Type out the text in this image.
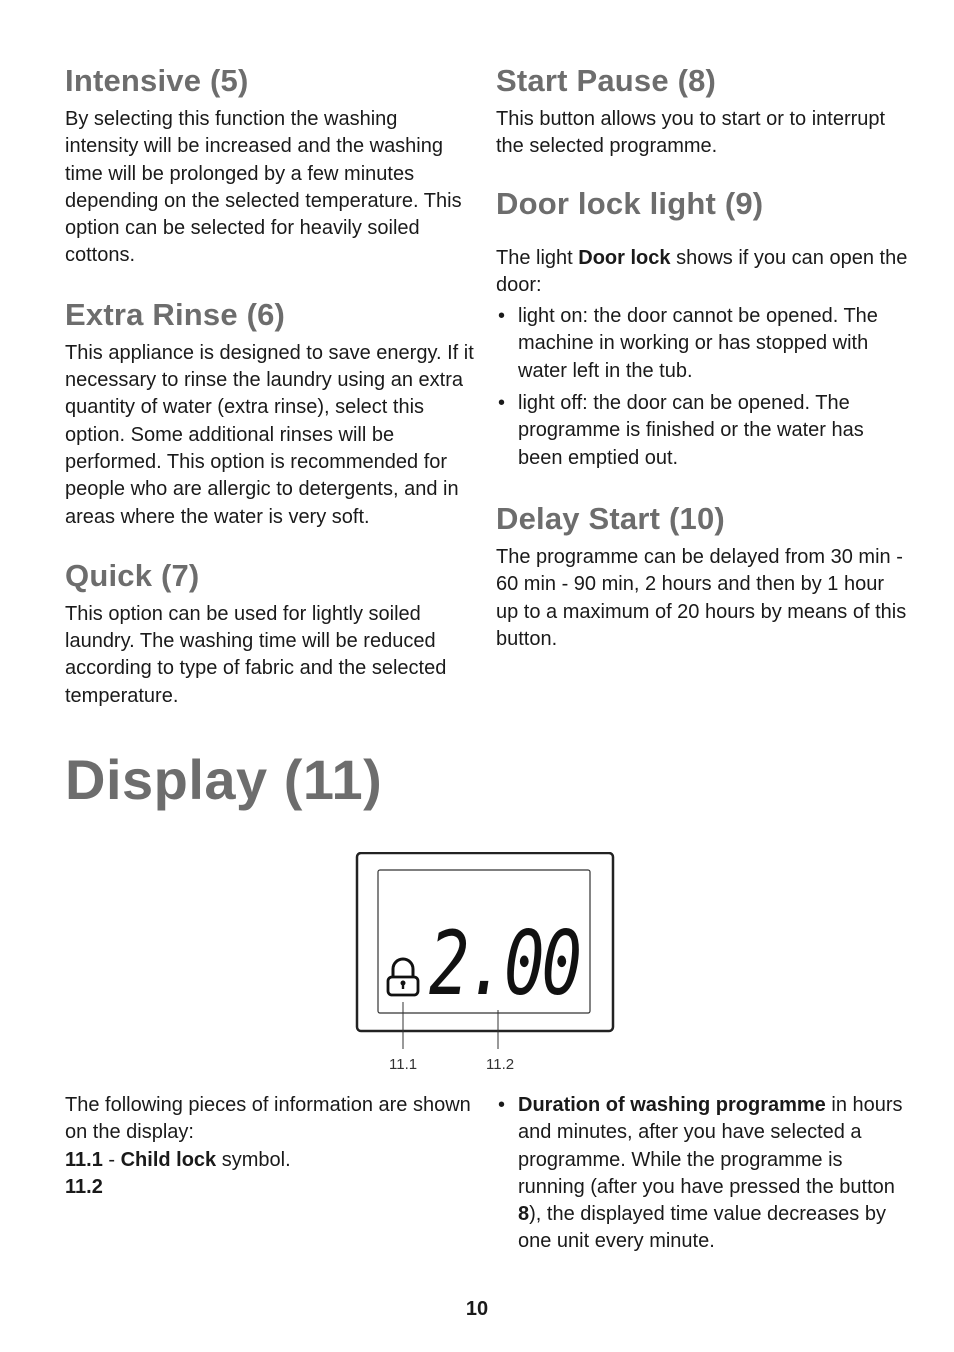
Intensive (5)

By selecting this function the washing intensity will be increased and the washing time will be prolonged by a few minutes depending on the selected temperature. This option can be selected for heavily soiled cottons.

Extra Rinse (6)

This appliance is designed to save energy. If it necessary to rinse the laundry using an extra quantity of water (extra rinse), select this option. Some additional rinses will be performed. This option is recommended for people who are allergic to detergents, and in areas where the water is very soft.

Quick (7)

This option can be used for lightly soiled laundry. The washing time will be reduced according to type of fabric and the selected temperature.

Start Pause (8)

This button allows you to start or to interrupt the selected programme.

Door lock light (9)

The light Door lock shows if you can open the door:

• light on: the door cannot be opened. The machine in working or has stopped with water left in the tub.
• light off: the door can be opened. The programme is finished or the water has been emptied out.
Delay Start (10)

The programme can be delayed from 30 min - 60 min - 90 min, 2 hours and then by 1 hour up to a maximum of 20 hours by means of this button.

Display (11)
2.00
11.1	11.2

The following pieces of information are shown on the display:

11.1 - Child lock symbol.

11.2

• Duration of washing programme in hours and minutes, after you have selected a programme. While the programme is running (after you have pressed the button 8), the displayed time value decreases by one unit every minute.
10
